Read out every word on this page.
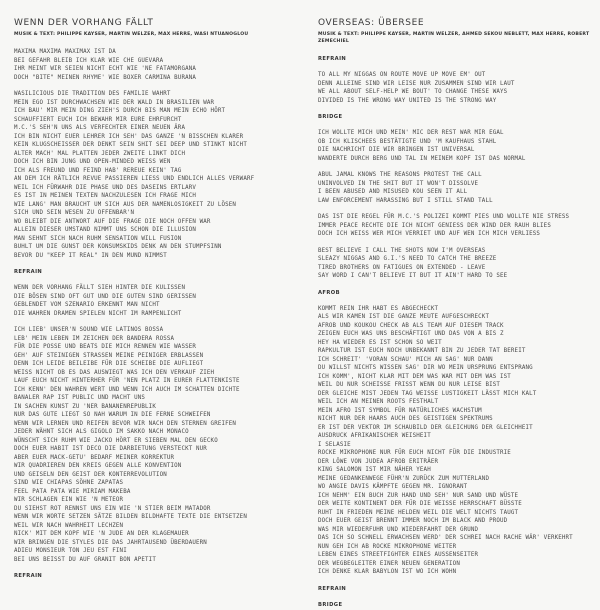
WENN DER VORHANG FÄLLT
MUSIK & TEXT: PHILIPPE KAYSER, MARTIN WELZER, MAX HERRE, WASI NTUANOGLOU
MAXIMA MAXIMA MAXIMAX IST DA
BEI GEFAHR BLEIB ICH KLAR WIE CHE GUEVARA
IHR MEINT WIR SEIEN NICHT ECHT WIE 'NE FATAMORGANA
DOCH "BITE" MEINEN RHYME' WIE BOXER CARMINA BURANA
WASILICIOUS DIE TRADITION DES FAMILIE WAHRT
MEIN EGO IST DURCHWACHSEN WIE DER WALD IN BRASILIEN WAR
ICH BAU' MIR MEIN DING ZIEH'S DURCH BIS MAN MEIN ECHO HÖRT
SCHAUFFIERT EUCH ICH BEWAHR MIR EURE EHRFURCHT
M.C.'S SEH'N UNS ALS VERFECHTER EINER NEUEN ÄRA
ICH BIN NICHT EUER LEHRER ICH SEH' DAS GANZE 'N BISSCHEN KLARER
KEIN KLUGSCHEISSER DER DENKT SEIN SHIT SEI DEEP UND STINKT NICHT
ALTER MACH' MAL PLATTEN JEDER ZWEITE LINKT DICH
DOCH ICH BIN JUNG UND OPEN-MINDED WEISS WEN
ICH ALS FREUND UND FEIND HAB' REREUE KEIN' TAG
AN DEM ICH RÄTLICH REVUE PASSIEREN LIESS UND ENDLICH ALLES VERWARF
WEIL ICH FÜRWAHR DIE PHASE UND DES DASEINS ERTLARV
ES IST IN MEINEN TEXTEN NACHZULESEN ICH FRAGE MICH
WIE LANG' MAN BRAUCHT UM SICH AUS DER NAMENLOSIGKEIT ZU LÖSEN
SICH UND SEIN WESEN ZU OFFENBAR'N
WO BLEIBT DIE ANTWORT AUF DIE FRAGE DIE NOCH OFFEN WAR
ALLEIN DIESER UMSTAND NIMMT UNS SCHON DIE ILLUSION
MAN SEHNT SICH NACH RUHM SENSATION WILL FUSION
BUHLT UM DIE GUNST DER KONSUMSKIDS DENK AN DEN STUMPFSINN
BEVOR DU "KEEP IT REAL" IN DEN MUND NIMMST
REFRAIN
WENN DER VORHANG FÄLLT SIEH HINTER DIE KULISSEN
DIE BÖSEN SIND OFT GUT UND DIE GUTEN SIND GERISSEN
GEBLENDET VOM SZENARIO ERKENNT MAN NICHT
DIE WAHREN DRAMEN SPIELEN NICHT IM RAMPENLICHT
ICH LIEB' UNSER'N SOUND WIE LATINOS BOSSA
LEB' MEIN LEBEN IM ZEICHEN DER BANDERA ROSSA
FÜR DIE POSSE UND BEATS DIE MICH RENNEN WIE WASSER
GEH' AUF STEINIGEN STRASSEN MEINE PEINIGER ERBLASSEN
DENN ICH LEIDE BEILEIBE FÜR DIE SCHEIBE DIE AUFLIEGT
WEISS NICHT OB ES DAS AUSWIEGT WAS ICH DEN VERKAUF ZIEH
LAUF EUCH NICHT HINTERHER FÜR 'NEN PLATZ IN EURER FLATTENKISTE
ICH KENN' DEN WAHREN WERT UND WENN ICH AUCH IM SCHATTEN DICHTE
BANALER RAP IST PUBLIC UND MACHT UNS
IN SACHEN KUNST ZU 'NER BANANENREPUBLIK
NUR DAS GUTE LIEGT SO NAH WARUM IN DIE FERNE SCHWEIFEN
WENN WIR LERNEN UND REIFEN BEVOR WIR NACH DEN STERNEN GREIFEN
JEDER WÄHNT SICH ALS GIGOLO IM SAKKO NACH MONACO
WÜNSCHT SICH RUHM WIE JACKO HÖRT ER SIEBEN MAL DEN GECKO
DOCH EUER HABIT IST DECO DIE DARBIETUNG VERSTECKT NUR
ABER EUER MACK-GETU' BEDARF MEINER KORREKTUR
WIR QUADRIEREN DEN KREIS GEGEN ALLE KONVENTION
UND GEISELN DEN GEIST DER KONTERREVOLUTION
SIND WIE CHIAPAS SÖHNE ZAPATAS
FEEL PATA PATA WIE MIRIAM MAKEBA
WIR SCHLAGEN EIN WIE 'N METEOR
DU SIEHST ROT RENNST UNS EIN WIE 'N STIER BEIM MATADOR
WENN WIR WORTE SETZEN SÄTZE BILDEN BILDHAFTE TEXTE DIE ENTSETZEN
WEIL WIR NACH WAHRHEIT LECHZEN
NICK' MIT DEM KOPF WIE 'N JUDE AN DER KLAGEMAUER
WIR BRINGEN DIE STYLES DIE DAS JAHRTAUSEND ÜBERDAUERN
ADIEU MONSIEUR TON JEU EST FINI
BEI UNS BEISST DU AUF GRANIT BON APETIT
REFRAIN
OVERSEAS: ÜBERSEE
MUSIK & TEXT: PHILIPPE KAYSER, MARTIN WELZER, AHMED SEKOU NEBLETT, MAX HERRE, ROBERT ZEMECHIEL
REFRAIN
TO ALL MY NIGGAS ON ROUTE MOVE UP MOVE EM' OUT
DENN ALLEINE SIND WIR LEISE NUR ZUSAMMEN SIND WIR LAUT
WE ALL ABOUT SELF-HELP WE BOUT' TO CHANGE THESE WAYS
DIVIDED IS THE WRONG WAY UNITED IS THE STRONG WAY
BRIDGE
ICH WOLLTE MICH UND MEIN' MIC DER REST WAR MIR EGAL
OB ICH KLISCHEES BESTÄTIGTE UND 'M KAUFHAUS STAHL
DIE NACHRICHT DIE WIR BRINGEN IST UNIVERSAL
WANDERTE DURCH BERG UND TAL IN MEINEM KOPF IST DAS NORMAL
ABUL JAMAL KNOWS THE REASONS PROTEST THE CALL
UNINVOLVED IN THE SHIT BUT IT WON'T DISSOLVE
I BEEN ABUSED AND MISUSED KOU SEEN IT ALL
LAW ENFORCEMENT HARASSING BUT I STILL STAND TALL
DAS IST DIE REGEL FÜR M.C.'S POLIZEI KOMMT PIES UND WOLLTE NIE STRESS
IMMER PEACE RECHTE DIE ICH NICHT GENIESS DER WIND DER RAUH BLIES
DOCH ICH WEISS WER MICH VERRIET UND AUF WEN ICH MICH VERLIESS
BEST BELIEVE I CALL THE SHOTS NOW I'M OVERSEAS
SLEAZY NIGGAS AND G.I.'S NEED TO CATCH THE BREEZE
TIRED BROTHERS ON FATIGUES ON EXTENDED - LEAVE
SAY WORD I CAN'T BELIEVE IT BUT IT AIN'T HARD TO SEE
AFROB
KOMMT REIN IHR HABT ES ABGECHECKT
ALS WIR KAMEN IST DIE GANZE MEUTE AUFGESCHRECKT
AFROB UND KOUKOU CHECK AB ALS TEAM AUF DIESEM TRACK
ZEIGEN EUCH WAS UNS BESCHÄFTIGT UND DAS VON A BIS Z
HEY HA WIEDER ES IST SCHON SO WEIT
RAPKULTUR IST EUCH NOCH UNBEKANNT BIN ZU JEDER TAT BEREIT
ICH SCHREIT' 'VORAN SCHAU' MICH AN SAG' NUR DANN
DU WILLST NICHTS WISSEN SAG' DIR WO MEIN URSPRUNG ENTSPRANG
ICH KOMM', NICHT KLAR MIT DEM WAS WAR MIT DEM WAS IST
WEIL DU NUR SCHEISSE FRISST WENN DU NUR LEISE BIST
DER GLEICHE MIST JEDEN TAG WEISSE LUSTIGKEIT LÄSST MICH KALT
WEIL ICH AN MEINEN ROOTS FESTHALT
MEIN AFRO IST SYMBOL FÜR NATÜRLICHES WACHSTUM
NICHT NUR DER HAARS AUCH DES GEISTIGEN SPEKTRUMS
ER IST DER VEKTOR IM SCHAUBILD DER GLEICHUNG DER GLEICHHEIT
AUSDRUCK AFRIKANISCHER WEISHEIT
I SELASIE
ROCKE MIKROPHONE NUR FÜR EUCH NICHT FÜR DIE INDUSTRIE
DER LÖWE VON JUDEA AFROB ERITRÄER
KING SALOMON IST MIR NÄHER YEAH
MEINE GEDANKENWEGE FÜHR'N ZURÜCK ZUM MUTTERLAND
WO ANGIE DAVIS KÄMPFTE GEGEN MR. IGNORANT
ICH NEHM' EIN BUCH ZUR HAND UND SEH' NUR SAND UND WÜSTE
DER WEITE KONTINENT DER FÜR DIE WEISSE HERRSCHAFT BÜSSTE
RUHT IN FRIEDEN MEINE HELDEN WEIL DIE WELT NICHTS TAUGT
DOCH EUER GEIST BRENNT IMMER NOCH IM BLACK AND PROUD
WAS MIR WIEDERFUHR UND WIEDERFAHRT DER GRUND
DAS ICH SO SCHNELL ERWACHSEN WERD' DER SCHREI NACH RACHE WÄR' VERKEHRT
NUN GEH ICH AB ROCKE MIKROPHONE WEITER
LEBEN EINES STREETFIGHTER EINES AUSSENSEITER
DER WEGBEGLEITER EINER NEUEN GENERATION
ICH DENKE KLAR BABYLON IST WO ICH WOHN
REFRAIN
BRIDGE
